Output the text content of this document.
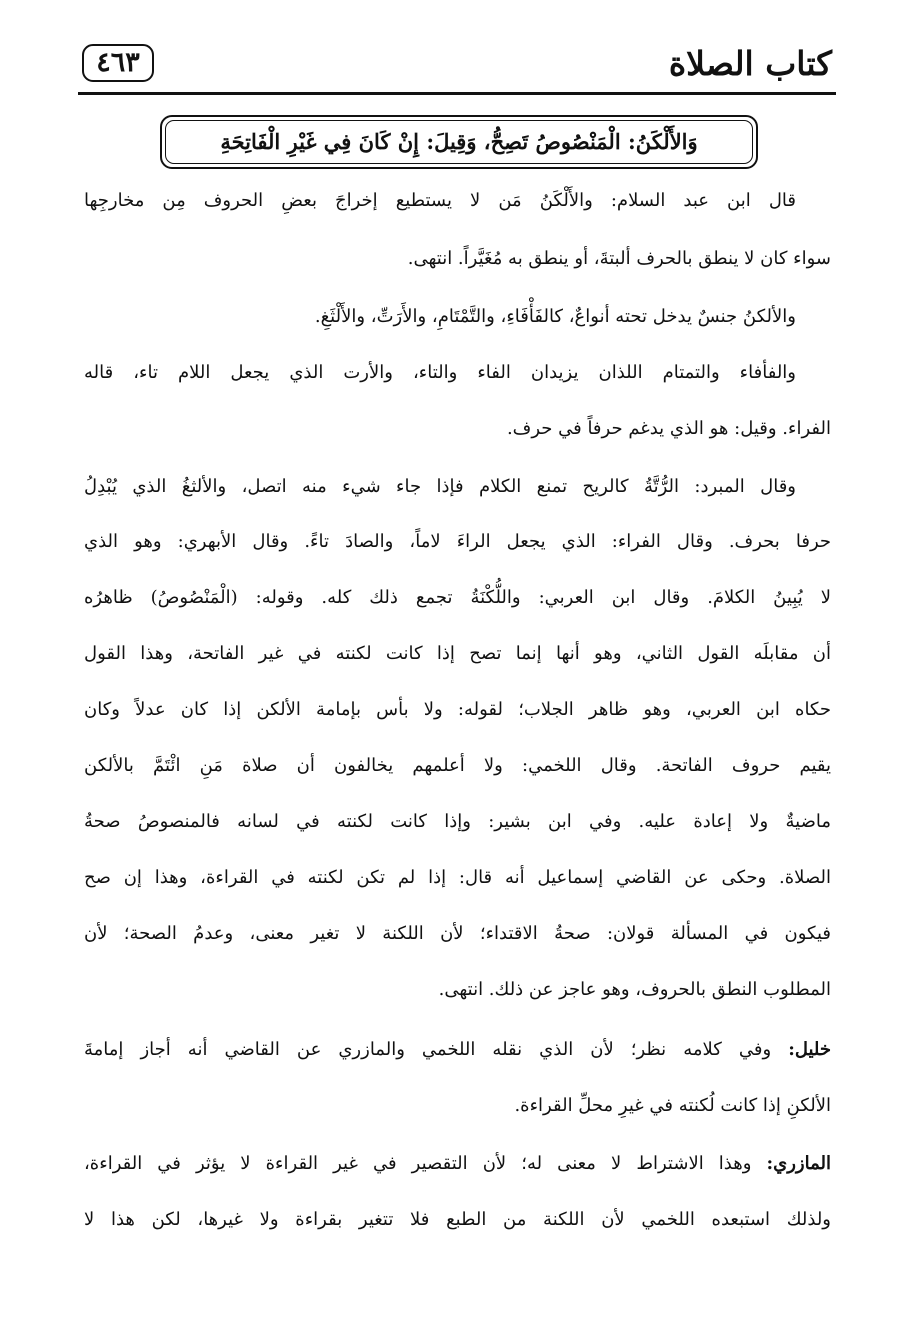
كتاب الصلاة
٤٦٣
وَالأَلْكَنُ: الْمَنْصُوصُ تَصِحُّ، وَقِيلَ: إِنْ كَانَ فِي غَيْرِ الْفَاتِحَةِ
قال ابن عبد السلام: والأَلْكَنُ مَن لا يستطيع إخراجَ بعضِ الحروف مِن مخارجِها
سواء كان لا ينطق بالحرف ألبتةَ، أو ينطق به مُغَيَّراً. انتهى.
والألكنُ جنسٌ يدخل تحته أنواعٌ، كالفَأْفَاءِ، والتَّمْتَامِ، والأَرَتِّ، والأَلْثَغِ.
والفأفاء والتمتام اللذان يزيدان الفاء والتاء، والأرت الذي يجعل اللام تاء، قاله
الفراء. وقيل: هو الذي يدغم حرفاً في حرف.
وقال المبرد: الرُّتَّةُ كالريح تمنع الكلام فإذا جاء شيء منه اتصل، والألثغُ الذي يُبْدِلُ
حرفا بحرف. وقال الفراء: الذي يجعل الراءَ لاماً، والصادَ تاءً. وقال الأبهري: وهو الذي
لا يُبِينُ الكلامَ. وقال ابن العربي: واللُّكْنَةُ تجمع ذلك كله. وقوله: (الْمَنْصُوصُ) ظاهرُه
أن مقابلَه القول الثاني، وهو أنها إنما تصح إذا كانت لكنته في غير الفاتحة، وهذا القول
حكاه ابن العربي، وهو ظاهر الجلاب؛ لقوله: ولا بأس بإمامة الألكن إذا كان عدلاً وكان
يقيم حروف الفاتحة. وقال اللخمي: ولا أعلمهم يخالفون أن صلاة مَنِ ائْتَمَّ بالألكن
ماضيةٌ ولا إعادة عليه. وفي ابن بشير: وإذا كانت لكنته في لسانه فالمنصوصُ صحةُ
الصلاة. وحكى عن القاضي إسماعيل أنه قال: إذا لم تكن لكنته في القراءة، وهذا إن صح
فيكون في المسألة قولان: صحةُ الاقتداء؛ لأن اللكنة لا تغير معنى، وعدمُ الصحة؛ لأن
المطلوب النطق بالحروف، وهو عاجز عن ذلك. انتهى.
خليل: وفي كلامه نظر؛ لأن الذي نقله اللخمي والمازري عن القاضي أنه أجاز إمامةَ
الألكنِ إذا كانت لُكنته في غيرِ محلِّ القراءة.
المازري: وهذا الاشتراط لا معنى له؛ لأن التقصير في غير القراءة لا يؤثر في القراءة،
ولذلك استبعده اللخمي لأن اللكنة من الطبع فلا تتغير بقراءة ولا غيرها، لكن هذا لا
